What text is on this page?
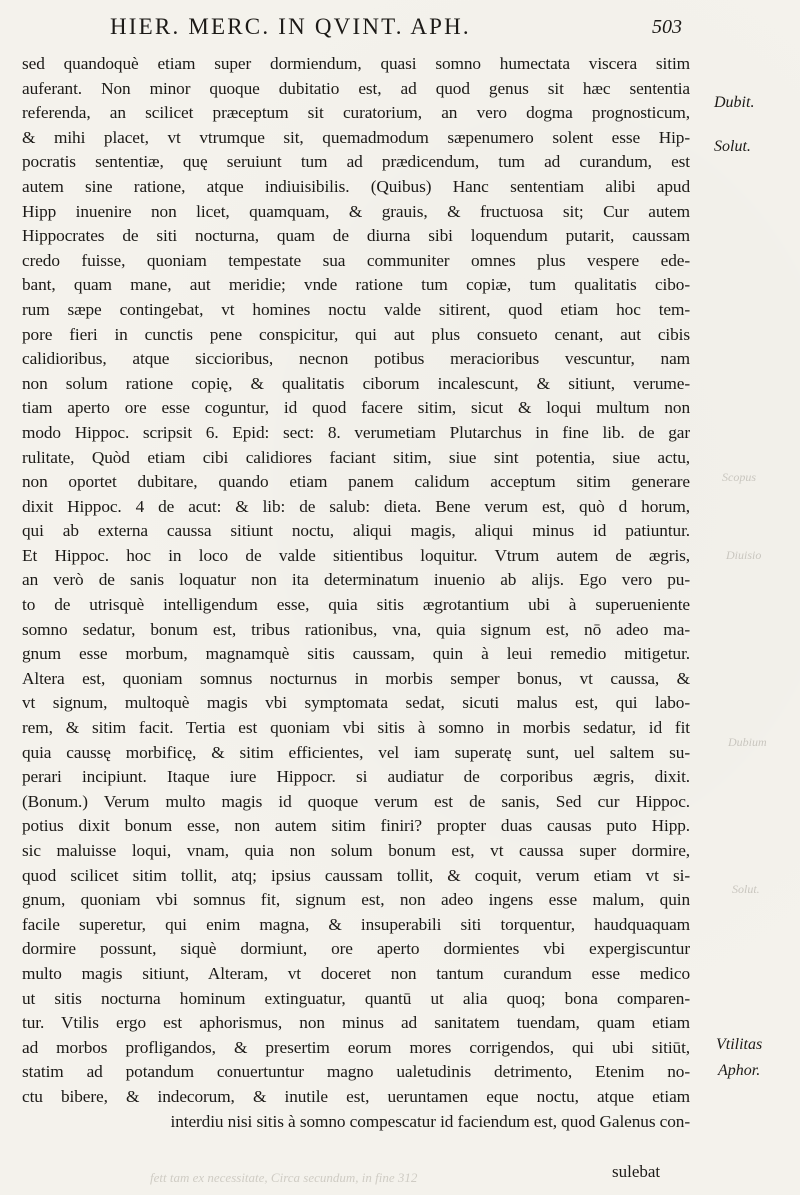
HIER. MERC. IN QVINT. APH.	503
sed quandoquè etiam super dormiendum, quasi somno humectata viscera sitim
auferant. Non minor quoque dubitatio est, ad quod genus sit hæc sententia
referenda, an scilicet præceptum sit curatorium, an vero dogma prognosticum,
& mihi placet, vt vtrumque sit, quemadmodum sæpenumero solent esse Hip-
pocratis sententiæ, quę seruiunt tum ad prædicendum, tum ad curandum, est
autem sine ratione, atque indiuisibilis. (Quibus) Hanc sententiam alibi apud
Hipp inuenire non licet, quamquam, & grauis, & fructuosa sit; Cur autem
Hippocrates de siti nocturna, quam de diurna sibi loquendum putarit, caussam
credo fuisse, quoniam tempestate sua communiter omnes plus vespere ede-
bant, quam mane, aut meridie; vnde ratione tum copiæ, tum qualitatis cibo-
rum sæpe contingebat, vt homines noctu valde sitirent, quod etiam hoc tem-
pore fieri in cunctis pene conspicitur, qui aut plus consueto cenant, aut cibis
calidioribus, atque siccioribus, necnon potibus meracioribus vescuntur, nam
non solum ratione copię, & qualitatis ciborum incalescunt, & sitiunt, verume-
tiam aperto ore esse coguntur, id quod facere sitim, sicut & loqui multum non
modo Hippoc. scripsit 6. Epid: sect: 8. verumetiam Plutarchus in fine lib. de gar
rulitate, Quòd etiam cibi calidiores faciant sitim, siue sint potentia, siue actu,
non oportet dubitare, quando etiam panem calidum acceptum sitim generare
dixit Hippoc. 4 de acut: & lib: de salub: dieta. Bene verum est, quò d horum,
qui ab externa caussa sitiunt noctu, aliqui magis, aliqui minus id patiuntur.
Et Hippoc. hoc in loco de valde sitientibus loquitur. Vtrum autem de ægris,
an verò de sanis loquatur non ita determinatum inuenio ab alijs. Ego vero pu-
to de utrisquè intelligendum esse, quia sitis ægrotantium ubi à superueniente
somno sedatur, bonum est, tribus rationibus, vna, quia signum est, nō adeo ma-
gnum esse morbum, magnamquè sitis caussam, quin à leui remedio mitigetur.
Altera est, quoniam somnus nocturnus in morbis semper bonus, vt caussa, &
vt signum, multoquè magis vbi symptomata sedat, sicuti malus est, qui labo-
rem, & sitim facit. Tertia est quoniam vbi sitis à somno in morbis sedatur, id fit
quia caussę morbificę, & sitim efficientes, vel iam superatę sunt, uel saltem su-
perari incipiunt. Itaque iure Hippocr. si audiatur de corporibus ægris, dixit.
(Bonum.) Verum multo magis id quoque verum est de sanis, Sed cur Hippoc.
potius dixit bonum esse, non autem sitim finiri? propter duas causas puto Hipp.
sic maluisse loqui, vnam, quia non solum bonum est, vt caussa super dormire,
quod scilicet sitim tollit, atq; ipsius caussam tollit, & coquit, verum etiam vt si-
gnum, quoniam vbi somnus fit, signum est, non adeo ingens esse malum, quin
facile superetur, qui enim magna, & insuperabili siti torquentur, haudquaquam
dormire possunt, siquè dormiunt, ore aperto dormientes vbi expergiscuntur
multo magis sitiunt, Alteram, vt doceret non tantum curandum esse medico
ut sitis nocturna hominum extinguatur, quantū ut alia quoq; bona comparen-
tur. Vtilis ergo est aphorismus, non minus ad sanitatem tuendam, quam etiam
ad morbos profligandos, & presertim eorum mores corrigendos, qui ubi sitiūt,
statim ad potandum conuertuntur magno ualetudinis detrimento, Etenim no-
ctu bibere, & indecorum, & inutile est, ueruntamen eque noctu, atque etiam
interdiu nisi sitis à somno compescatur id faciendum est, quod Galenus con-
Dubit.
Solut.
Scopus
Diuisio
Dubium
Solut.
Vtilitas
Aphor.
fett tam ex necessitate, Circa secundum, in fine 312	sulebat
